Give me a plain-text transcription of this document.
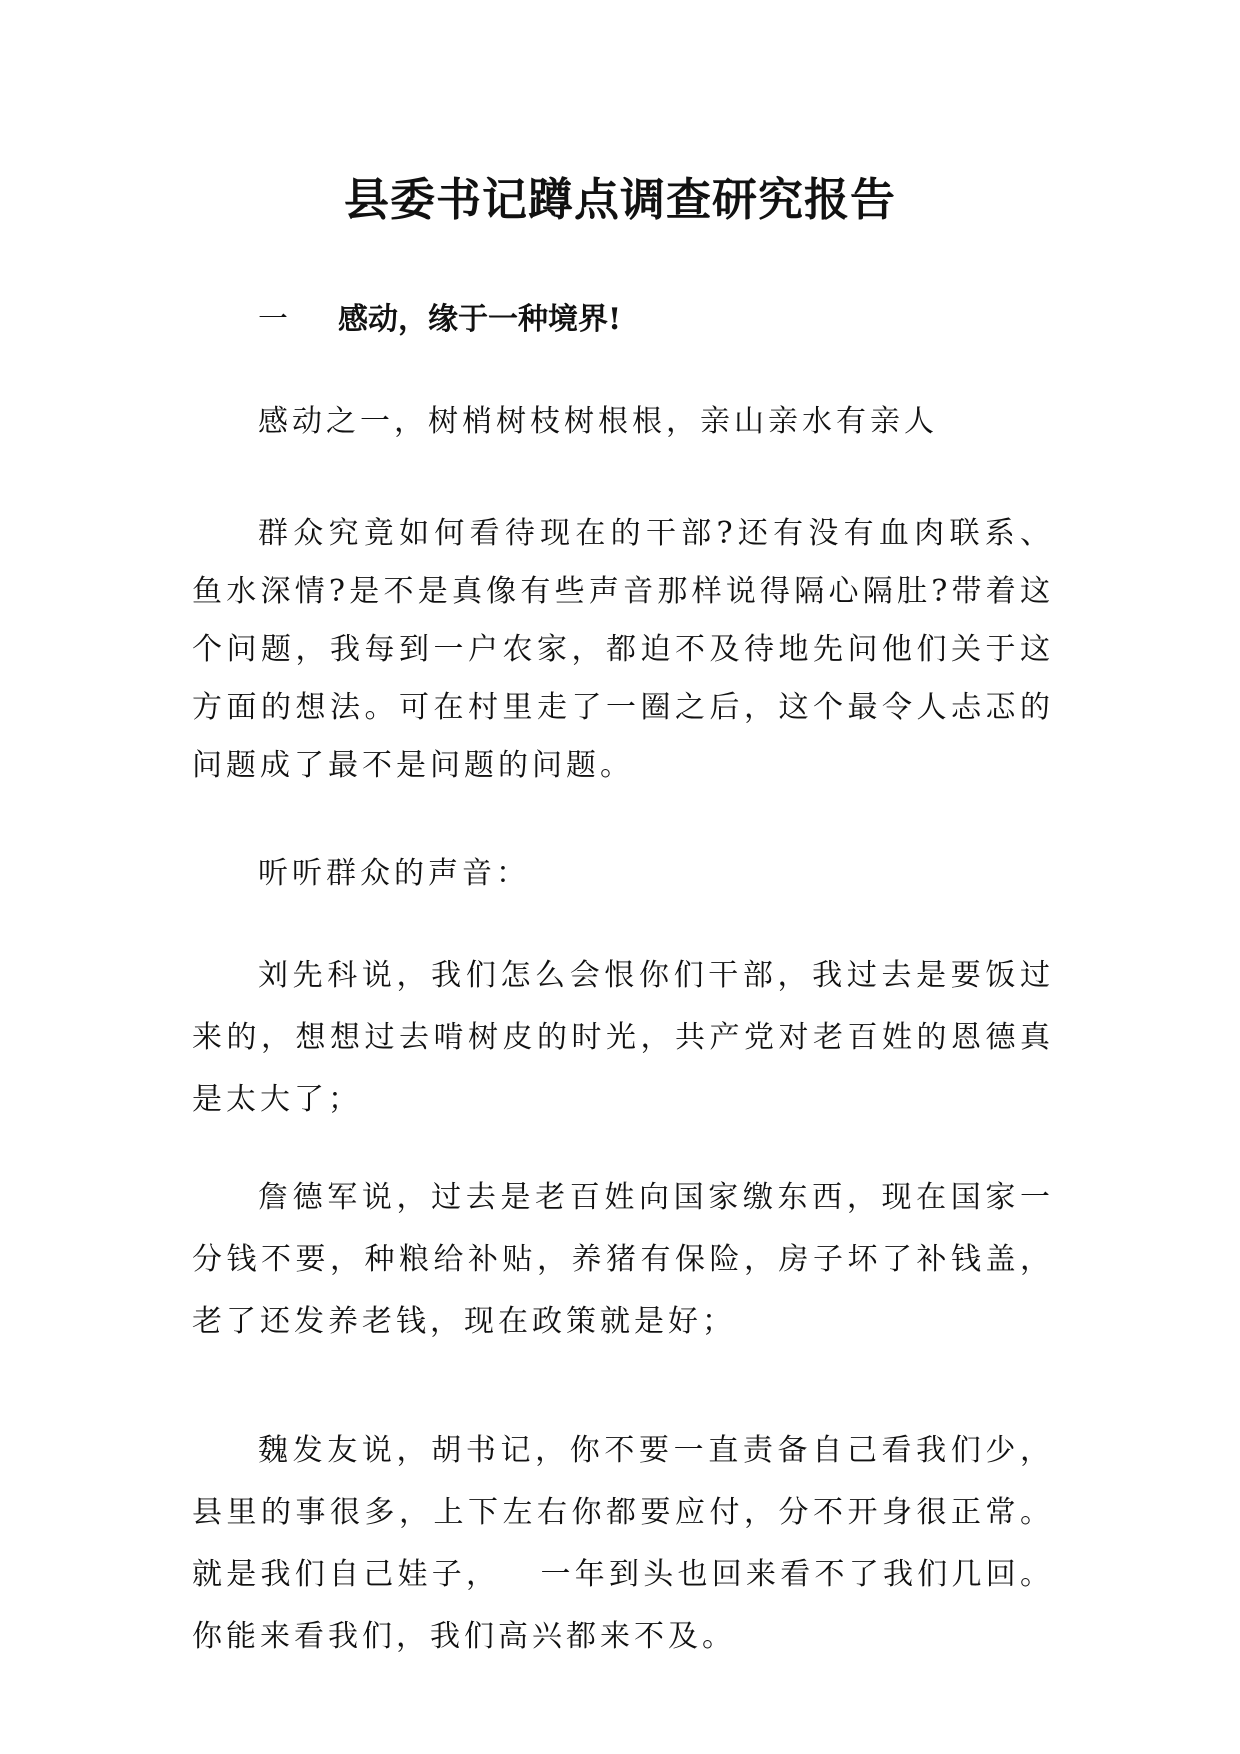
县委书记蹲点调查研究报告
一 感动，缘于一种境界!

感动之一，树梢树枝树根根，亲山亲水有亲人

群众究竟如何看待现在的干部?还有没有血肉联系、鱼水深情?是不是真像有些声音那样说得隔心隔肚?带着这个问题，我每到一户农家，都迫不及待地先问他们关于这方面的想法。可在村里走了一圈之后，这个最令人忐忑的问题成了最不是问题的问题。

听听群众的声音：

刘先科说，我们怎么会恨你们干部，我过去是要饭过来的，想想过去啃树皮的时光，共产党对老百姓的恩德真是太大了；

詹德军说，过去是老百姓向国家缴东西，现在国家一分钱不要，种粮给补贴，养猪有保险，房子坏了补钱盖，老了还发养老钱，现在政策就是好；

魏发友说，胡书记，你不要一直责备自己看我们少，县里的事很多，上下左右你都要应付，分不开身很正常。就是我们自己娃子， 一年到头也回来看不了我们几回。你能来看我们，我们高兴都来不及。
